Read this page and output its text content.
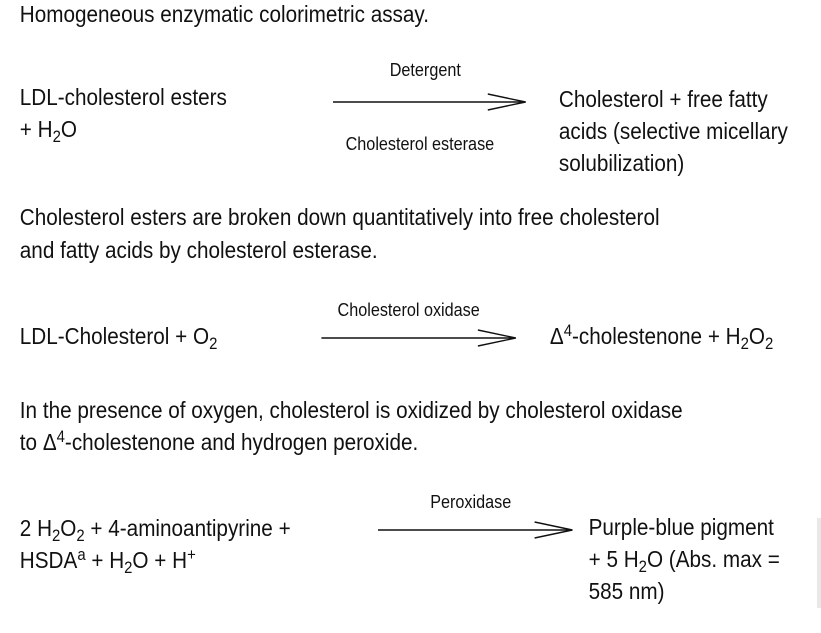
Homogeneous enzymatic colorimetric assay.
LDL-cholesterol esters
+ $H_2O$
Detergent
Cholesterol esterase
Cholesterol + free fatty
acids (selective micellary
solubilization)
Cholesterol esters are broken down quantitatively into free cholesterol
and fatty acids by cholesterol esterase.
LDL-Cholesterol + $O_2$
Cholesterol oxidase
$\Delta^4$-cholestenone + $H_2O_2$
In the presence of oxygen, cholesterol is oxidized by cholesterol oxidase
to $\Delta^4$-cholestenone and hydrogen peroxide.
2 $H_2O_2$ + 4-aminoantipyrine +
$HSDA^a + H_2O + H^+$
Peroxidase
Purple-blue pigment
+ 5 $H_2O$ (Abs. max =
585 nm)
